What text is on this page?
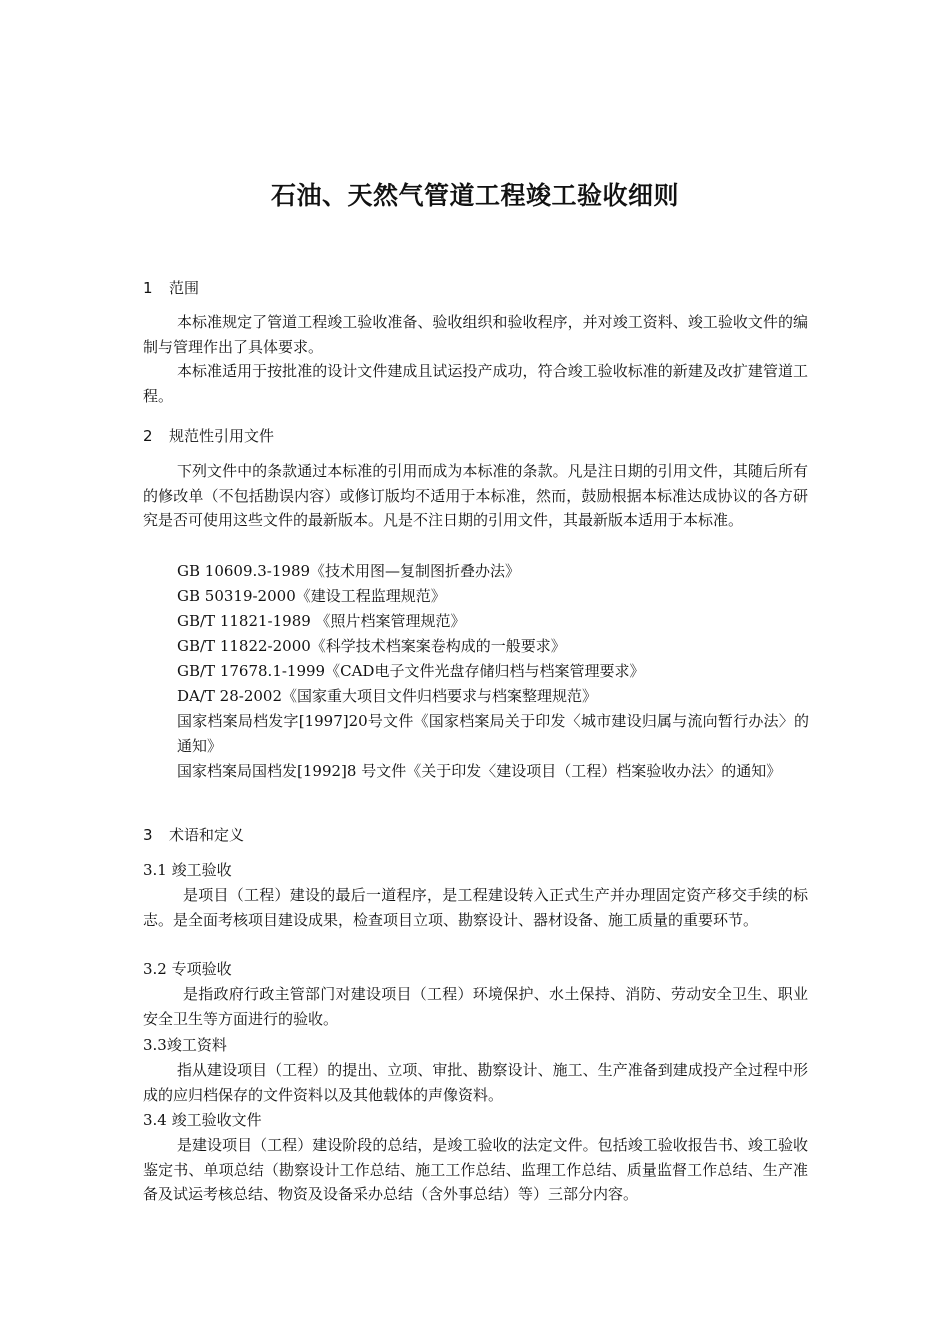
石油、天然气管道工程竣工验收细则
1 范围

本标准规定了管道工程竣工验收准备、验收组织和验收程序，并对竣工资料、竣工验收文件的编制与管理作出了具体要求。

本标准适用于按批准的设计文件建成且试运投产成功，符合竣工验收标准的新建及改扩建管道工程。

2 规范性引用文件

下列文件中的条款通过本标准的引用而成为本标准的条款。凡是注日期的引用文件，其随后所有的修改单（不包括勘误内容）或修订版均不适用于本标准，然而，鼓励根据本标准达成协议的各方研究是否可使用这些文件的最新版本。凡是不注日期的引用文件，其最新版本适用于本标准。

GB 10609.3-1989《技术用图—复制图折叠办法》

GB 50319-2000《建设工程监理规范》

GB/T 11821-1989 《照片档案管理规范》

GB/T 11822-2000《科学技术档案案卷构成的一般要求》

GB/T 17678.1-1999《CAD电子文件光盘存储归档与档案管理要求》

DA/T 28-2002《国家重大项目文件归档要求与档案整理规范》

国家档案局档发字[1997]20号文件《国家档案局关于印发〈城市建设归属与流向暂行办法〉的通知》

国家档案局国档发[1992]8 号文件《关于印发〈建设项目（工程）档案验收办法〉的通知》

3 术语和定义
3.1 竣工验收

是项目（工程）建设的最后一道程序，是工程建设转入正式生产并办理固定资产移交手续的标志。是全面考核项目建设成果，检查项目立项、勘察设计、器材设备、施工质量的重要环节。

3.2 专项验收

是指政府行政主管部门对建设项目（工程）环境保护、水土保持、消防、劳动安全卫生、职业安全卫生等方面进行的验收。

3.3竣工资料

指从建设项目（工程）的提出、立项、审批、勘察设计、施工、生产准备到建成投产全过程中形成的应归档保存的文件资料以及其他载体的声像资料。

3.4 竣工验收文件

是建设项目（工程）建设阶段的总结，是竣工验收的法定文件。包括竣工验收报告书、竣工验收鉴定书、单项总结（勘察设计工作总结、施工工作总结、监理工作总结、质量监督工作总结、生产准备及试运考核总结、物资及设备采办总结（含外事总结）等）三部分内容。
